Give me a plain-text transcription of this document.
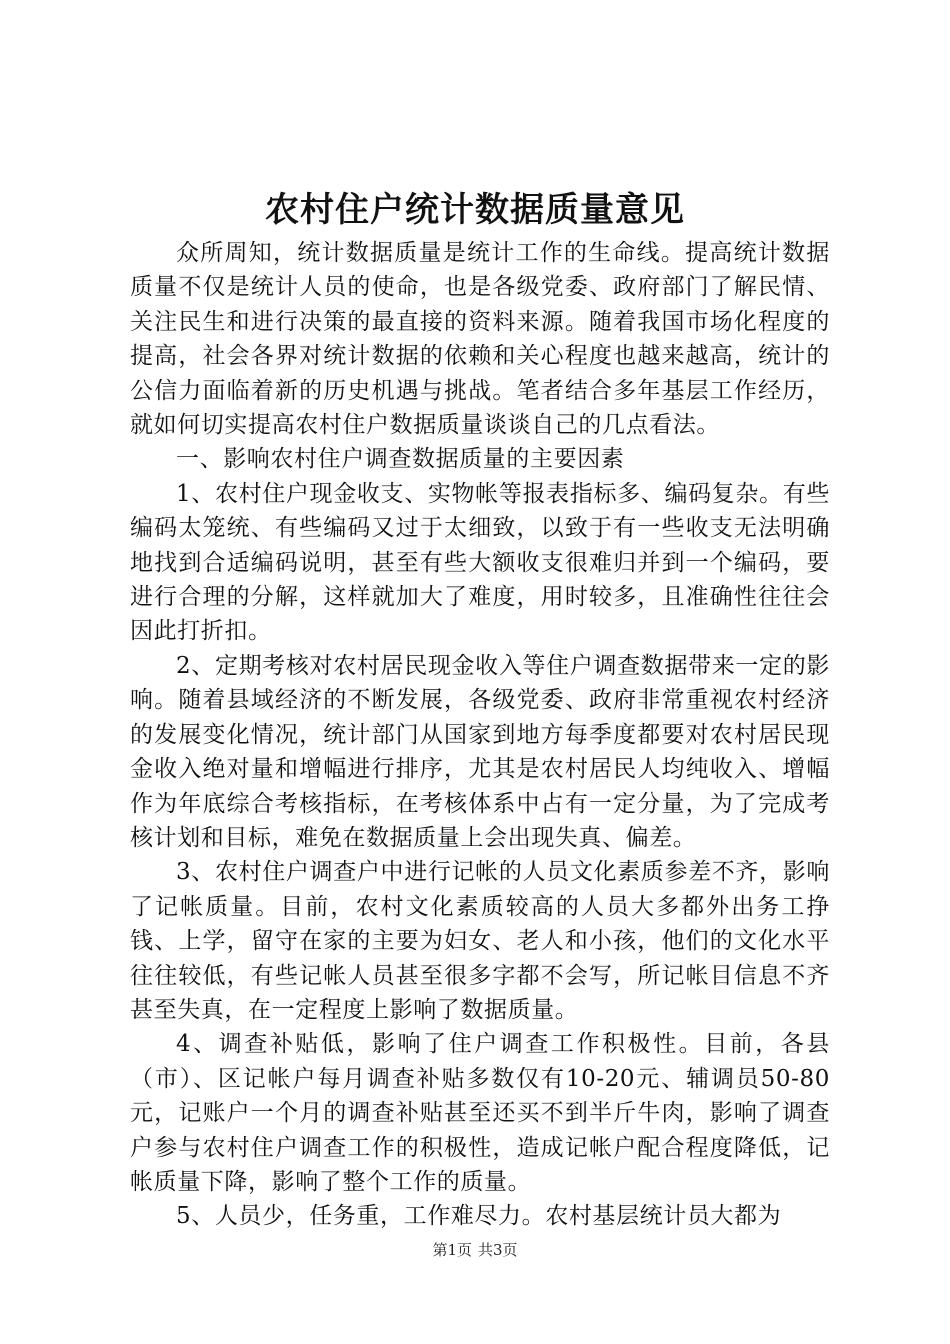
农村住户统计数据质量意见

众所周知，统计数据质量是统计工作的生命线。提高统计数据质量不仅是统计人员的使命，也是各级党委、政府部门了解民情、关注民生和进行决策的最直接的资料来源。随着我国市场化程度的提高，社会各界对统计数据的依赖和关心程度也越来越高，统计的公信力面临着新的历史机遇与挑战。笔者结合多年基层工作经历，就如何切实提高农村住户数据质量谈谈自己的几点看法。

一、影响农村住户调查数据质量的主要因素

1、农村住户现金收支、实物帐等报表指标多、编码复杂。有些编码太笼统、有些编码又过于太细致，以致于有一些收支无法明确地找到合适编码说明，甚至有些大额收支很难归并到一个编码，要进行合理的分解，这样就加大了难度，用时较多，且准确性往往会因此打折扣。

2、定期考核对农村居民现金收入等住户调查数据带来一定的影响。随着县域经济的不断发展，各级党委、政府非常重视农村经济的发展变化情况，统计部门从国家到地方每季度都要对农村居民现金收入绝对量和增幅进行排序，尤其是农村居民人均纯收入、增幅作为年底综合考核指标，在考核体系中占有一定分量，为了完成考核计划和目标，难免在数据质量上会出现失真、偏差。

3、农村住户调查户中进行记帐的人员文化素质参差不齐，影响了记帐质量。目前，农村文化素质较高的人员大多都外出务工挣钱、上学，留守在家的主要为妇女、老人和小孩，他们的文化水平往往较低，有些记帐人员甚至很多字都不会写，所记帐目信息不齐甚至失真，在一定程度上影响了数据质量。

4、调查补贴低，影响了住户调查工作积极性。目前，各县（市）、区记帐户每月调查补贴多数仅有10-20元、辅调员50-80元，记账户一个月的调查补贴甚至还买不到半斤牛肉，影响了调查户参与农村住户调查工作的积极性，造成记帐户配合程度降低，记帐质量下降，影响了整个工作的质量。

5、人员少，任务重，工作难尽力。农村基层统计员大都为

第1页 共3页
